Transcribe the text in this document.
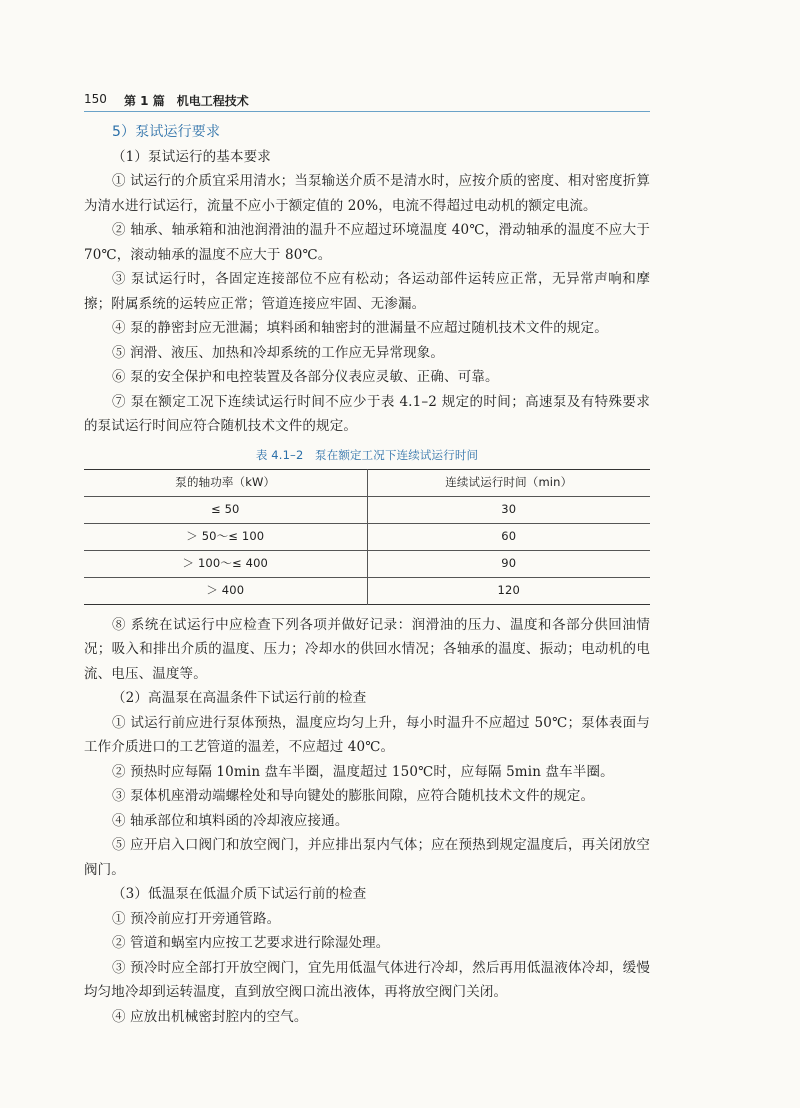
150 第 1 篇　机电工程技术

5）泵试运行要求

（1）泵试运行的基本要求

① 试运行的介质宜采用清水；当泵输送介质不是清水时，应按介质的密度、相对密度折算为清水进行试运行，流量不应小于额定值的 20%，电流不得超过电动机的额定电流。

② 轴承、轴承箱和油池润滑油的温升不应超过环境温度 40℃，滑动轴承的温度不应大于 70℃，滚动轴承的温度不应大于 80℃。

③ 泵试运行时，各固定连接部位不应有松动；各运动部件运转应正常，无异常声响和摩擦；附属系统的运转应正常；管道连接应牢固、无渗漏。

④ 泵的静密封应无泄漏；填料函和轴密封的泄漏量不应超过随机技术文件的规定。

⑤ 润滑、液压、加热和冷却系统的工作应无异常现象。

⑥ 泵的安全保护和电控装置及各部分仪表应灵敏、正确、可靠。

⑦ 泵在额定工况下连续试运行时间不应少于表 4.1–2 规定的时间；高速泵及有特殊要求的泵试运行时间应符合随机技术文件的规定。

表 4.1–2　泵在额定工况下连续试运行时间
泵的轴功率（kW）	连续试运行时间（min）
≤ 50	30
＞ 50～≤ 100	60
＞ 100～≤ 400	90
＞ 400	120

⑧ 系统在试运行中应检查下列各项并做好记录：润滑油的压力、温度和各部分供回油情况；吸入和排出介质的温度、压力；冷却水的供回水情况；各轴承的温度、振动；电动机的电流、电压、温度等。

（2）高温泵在高温条件下试运行前的检查

① 试运行前应进行泵体预热，温度应均匀上升，每小时温升不应超过 50℃；泵体表面与工作介质进口的工艺管道的温差，不应超过 40℃。

② 预热时应每隔 10min 盘车半圈，温度超过 150℃时，应每隔 5min 盘车半圈。

③ 泵体机座滑动端螺栓处和导向键处的膨胀间隙，应符合随机技术文件的规定。

④ 轴承部位和填料函的冷却液应接通。

⑤ 应开启入口阀门和放空阀门，并应排出泵内气体；应在预热到规定温度后，再关闭放空阀门。

（3）低温泵在低温介质下试运行前的检查

① 预冷前应打开旁通管路。

② 管道和蜗室内应按工艺要求进行除湿处理。

③ 预冷时应全部打开放空阀门，宜先用低温气体进行冷却，然后再用低温液体冷却，缓慢均匀地冷却到运转温度，直到放空阀口流出液体，再将放空阀门关闭。

④ 应放出机械密封腔内的空气。
